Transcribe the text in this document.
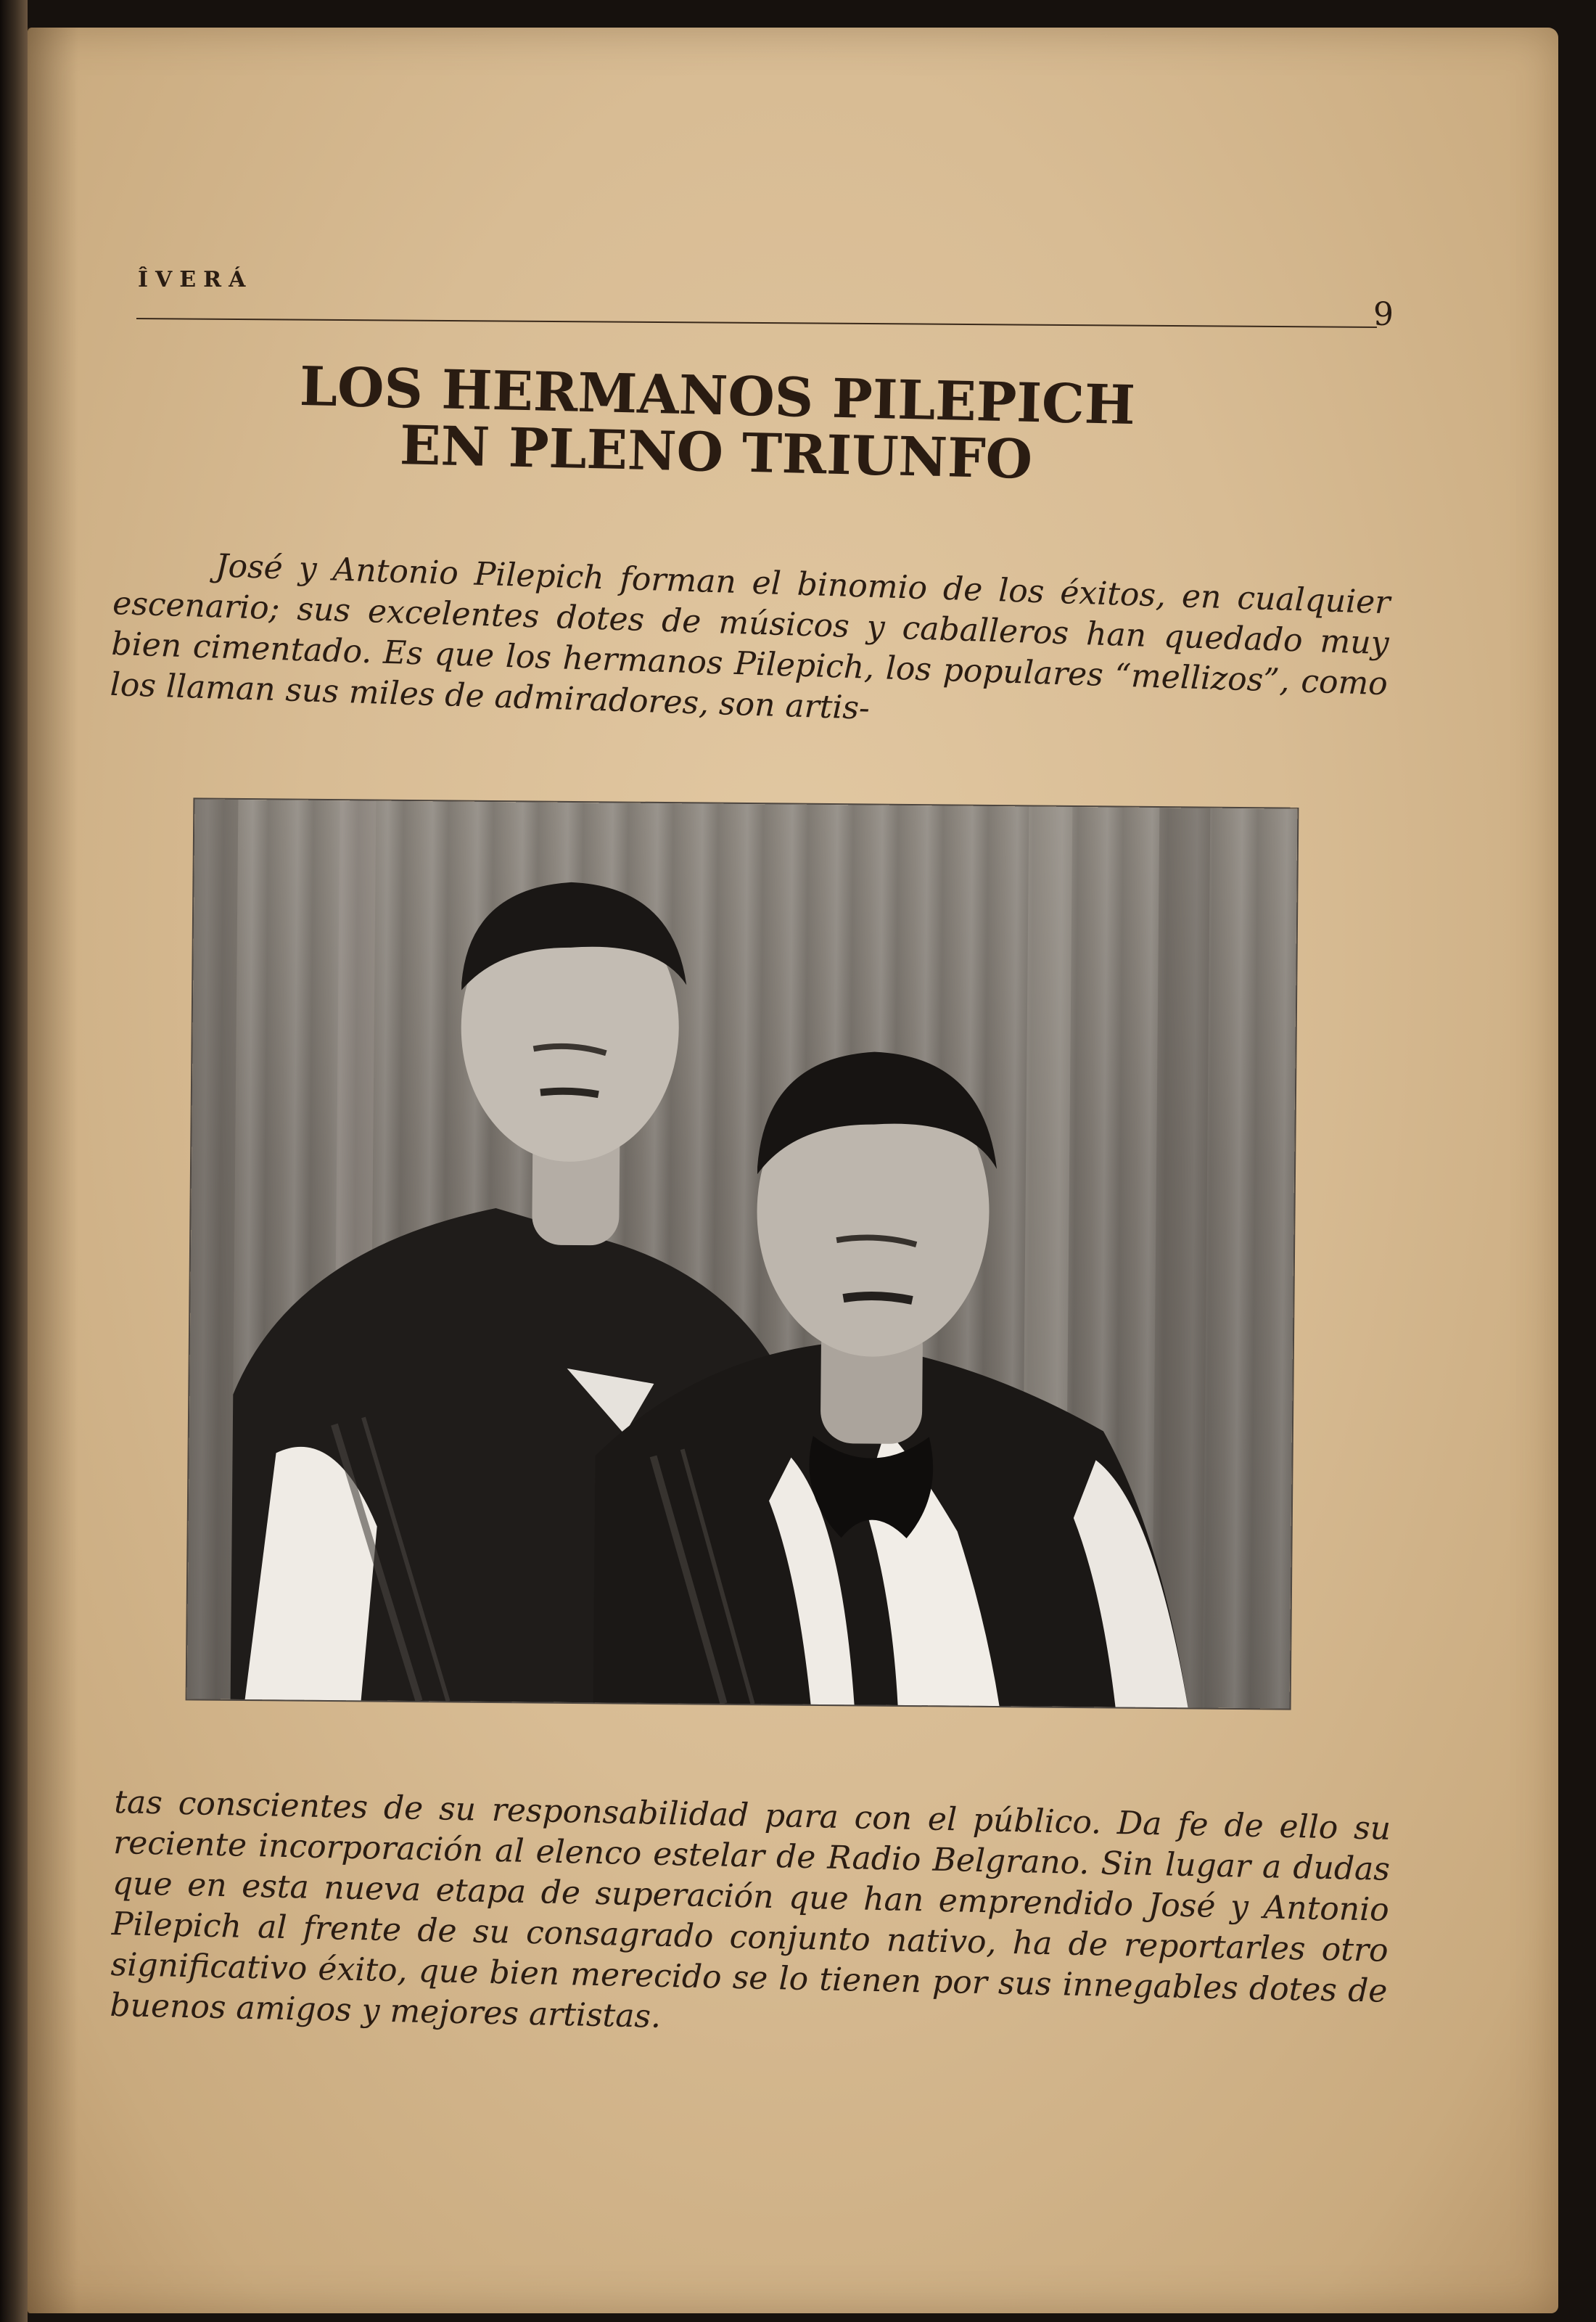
ÎVERÁ
9
LOS HERMANOS PILEPICH
EN PLENO TRIUNFO

José y Antonio Pilepich forman el binomio de los éxitos, en cualquier escenario; sus excelentes dotes de músicos y caballeros han quedado muy bien cimentado. Es que los hermanos Pilepich, los populares “mellizos”, como los llaman sus miles de admiradores, son artis-

tas conscientes de su responsabilidad para con el público. Da fe de ello su reciente incorporación al elenco estelar de Radio Belgrano. Sin lugar a dudas que en esta nueva etapa de superación que han emprendido José y Antonio Pilepich al frente de su consagrado conjunto nativo, ha de reportarles otro significativo éxito, que bien merecido se lo tienen por sus innegables dotes de buenos amigos y mejores artistas.
